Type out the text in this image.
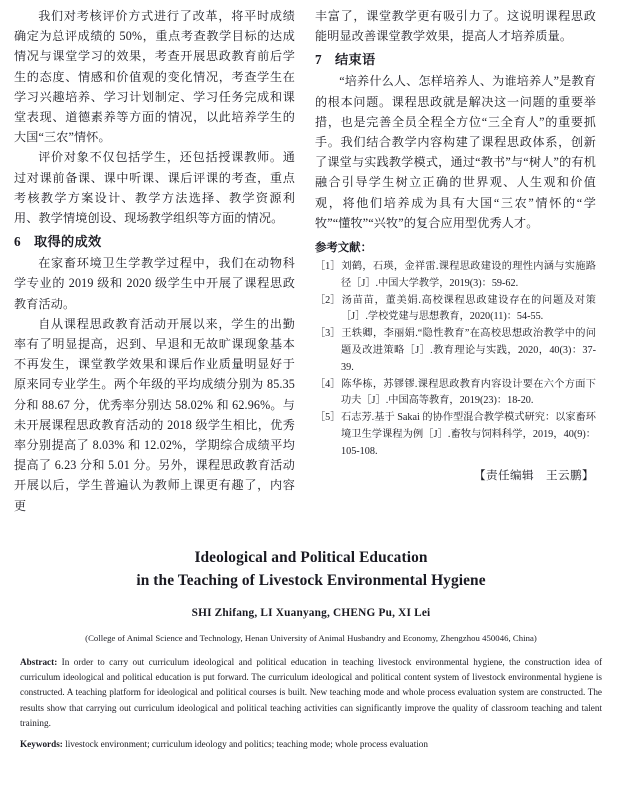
我们对考核评价方式进行了改革，将平时成绩确定为总评成绩的 50%，重点考查教学目标的达成情况与课堂学习的效果，考查开展思政教育前后学生的态度、情感和价值观的变化情况，考查学生在学习兴趣培养、学习计划制定、学习任务完成和课堂表现、道德素养等方面的情况，以此培养学生的大国“三农”情怀。

评价对象不仅包括学生，还包括授课教师。通过对课前备课、课中听课、课后评课的考查，重点考核教学方案设计、教学方法选择、教学资源利用、教学情境创设、现场教学组织等方面的情况。

6 取得的成效

在家畜环境卫生学教学过程中，我们在动物科学专业的 2019 级和 2020 级学生中开展了课程思政教育活动。

自从课程思政教育活动开展以来，学生的出勤率有了明显提高，迟到、早退和无故旷课现象基本不再发生，课堂教学效果和课后作业质量明显好于原来同专业学生。两个年级的平均成绩分别为 85.35 分和 88.67 分，优秀率分别达 58.02% 和 62.96%。与未开展课程思政教育活动的 2018 级学生相比，优秀率分别提高了 8.03% 和 12.02%，学期综合成绩平均提高了 6.23 分和 5.01 分。另外，课程思政教育活动开展以后，学生普遍认为教师上课更有趣了，内容更

丰富了，课堂教学更有吸引力了。这说明课程思政能明显改善课堂教学效果，提高人才培养质量。

7 结束语

“培养什么人、怎样培养人、为谁培养人”是教育的根本问题。课程思政就是解决这一问题的重要举措，也是完善全员全程全方位“三全育人”的重要抓手。我们结合教学内容构建了课程思政体系，创新了课堂与实践教学模式，通过“教书”与“树人”的有机融合引导学生树立正确的世界观、人生观和价值观，将他们培养成为具有大国“三农”情怀的“学牧”“懂牧”“兴牧”的复合应用型优秀人才。

参考文献：
［1］刘鹤，石瑛，金祥雷.课程思政建设的理性内涵与实施路径［J］.中国大学教学，2019(3)：59-62.
［2］汤苗苗，董美娟.高校课程思政建设存在的问题及对策［J］.学校党建与思想教育，2020(11)：54-55.
［3］王轶卿，李丽娟.“隐性教育”在高校思想政治教学中的问题及改进策略［J］.教育理论与实践，2020，40(3)：37-39.
［4］陈华栋，苏镠镠.课程思政教育内容设计要在六个方面下功夫［J］.中国高等教育，2019(23)：18-20.
［5］石志芳.基于 Sakai 的协作型混合教学模式研究：以家畜环境卫生学课程为例［J］.畜牧与饲料科学，2019，40(9)：105-108.
【责任编辑　王云鹏】
Ideological and Political Education
in the Teaching of Livestock Environmental Hygiene
SHI Zhifang, LI Xuanyang, CHENG Pu, XI Lei
(College of Animal Science and Technology, Henan University of Animal Husbandry and Economy, Zhengzhou 450046, China)
Abstract: In order to carry out curriculum ideological and political education in teaching livestock environmental hygiene, the construction idea of curriculum ideological and political education is put forward. The curriculum ideological and political content system of livestock environmental hygiene is constructed. A teaching platform for ideological and political courses is built. New teaching mode and whole process evaluation system are constructed. The results show that carrying out curriculum ideological and political teaching activities can significantly improve the quality of classroom teaching and talent training.
Keywords: livestock environment; curriculum ideology and politics; teaching mode; whole process evaluation
